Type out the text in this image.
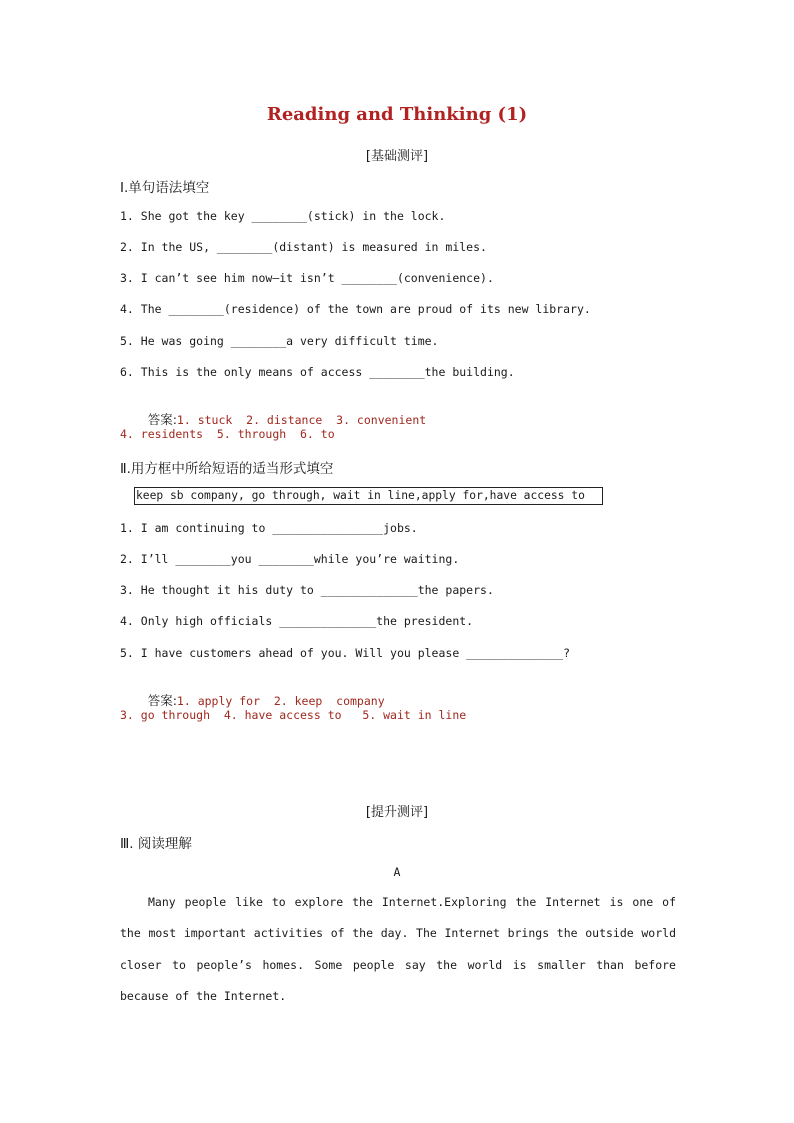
Reading and Thinking (1)
[基础测评]
Ⅰ.单句语法填空
1. She got the key ________(stick) in the lock.
2. In the US, ________(distant) is measured in miles.
3. I can’t see him now—it isn’t ________(convenience).
4. The ________(residence) of the town are proud of its new library.
5. He was going ________a very difficult time.
6. This is the only means of access ________the building.

答案:1. stuck  2. distance  3. convenient

4. residents  5. through  6. to
Ⅱ.用方框中所给短语的适当形式填空
keep sb company, go through, wait in line,apply for,have access to
1. I am continuing to ________________jobs.
2. I’ll ________you ________while you’re waiting.
3. He thought it his duty to ______________the papers.
4. Only high officials ______________the president.
5. I have customers ahead of you. Will you please ______________?

答案:1. apply for  2. keep  company

3. go through  4. have access to   5. wait in line
[提升测评]
Ⅲ. 阅读理解
A

Many people like to explore the Internet.Exploring the Internet is one of the most important activities of the day. The Internet brings the outside world closer to people’s homes. Some people say the world is smaller than before because of the Internet.
